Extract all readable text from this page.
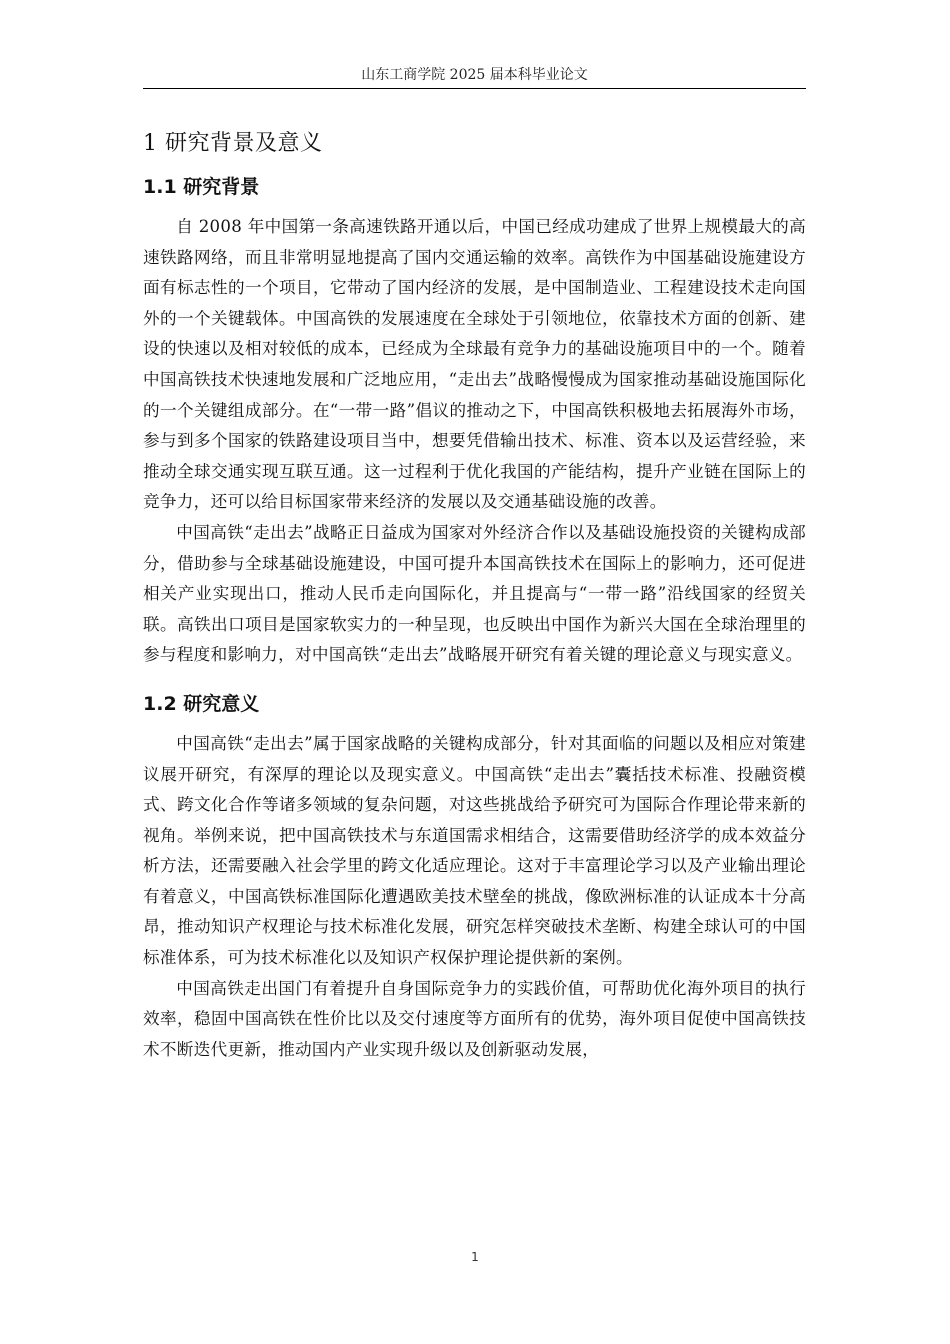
山东工商学院 2025 届本科毕业论文
1 研究背景及意义
1.1 研究背景

自 2008 年中国第一条高速铁路开通以后，中国已经成功建成了世界上规模最大的高速铁路网络，而且非常明显地提高了国内交通运输的效率。高铁作为中国基础设施建设方面有标志性的一个项目，它带动了国内经济的发展，是中国制造业、工程建设技术走向国外的一个关键载体。中国高铁的发展速度在全球处于引领地位，依靠技术方面的创新、建设的快速以及相对较低的成本，已经成为全球最有竞争力的基础设施项目中的一个。随着中国高铁技术快速地发展和广泛地应用，“走出去”战略慢慢成为国家推动基础设施国际化的一个关键组成部分。在“一带一路”倡议的推动之下，中国高铁积极地去拓展海外市场，参与到多个国家的铁路建设项目当中，想要凭借输出技术、标准、资本以及运营经验，来推动全球交通实现互联互通。这一过程利于优化我国的产能结构，提升产业链在国际上的竞争力，还可以给目标国家带来经济的发展以及交通基础设施的改善。

中国高铁“走出去”战略正日益成为国家对外经济合作以及基础设施投资的关键构成部分，借助参与全球基础设施建设，中国可提升本国高铁技术在国际上的影响力，还可促进相关产业实现出口，推动人民币走向国际化，并且提高与“一带一路”沿线国家的经贸关联。高铁出口项目是国家软实力的一种呈现，也反映出中国作为新兴大国在全球治理里的参与程度和影响力，对中国高铁“走出去”战略展开研究有着关键的理论意义与现实意义。

1.2 研究意义

中国高铁“走出去”属于国家战略的关键构成部分，针对其面临的问题以及相应对策建议展开研究，有深厚的理论以及现实意义。中国高铁“走出去”囊括技术标准、投融资模式、跨文化合作等诸多领域的复杂问题，对这些挑战给予研究可为国际合作理论带来新的视角。举例来说，把中国高铁技术与东道国需求相结合，这需要借助经济学的成本效益分析方法，还需要融入社会学里的跨文化适应理论。这对于丰富理论学习以及产业输出理论有着意义，中国高铁标准国际化遭遇欧美技术壁垒的挑战，像欧洲标准的认证成本十分高昂，推动知识产权理论与技术标准化发展，研究怎样突破技术垄断、构建全球认可的中国标准体系，可为技术标准化以及知识产权保护理论提供新的案例。

中国高铁走出国门有着提升自身国际竞争力的实践价值，可帮助优化海外项目的执行效率，稳固中国高铁在性价比以及交付速度等方面所有的优势，海外项目促使中国高铁技术不断迭代更新，推动国内产业实现升级以及创新驱动发展，

1
